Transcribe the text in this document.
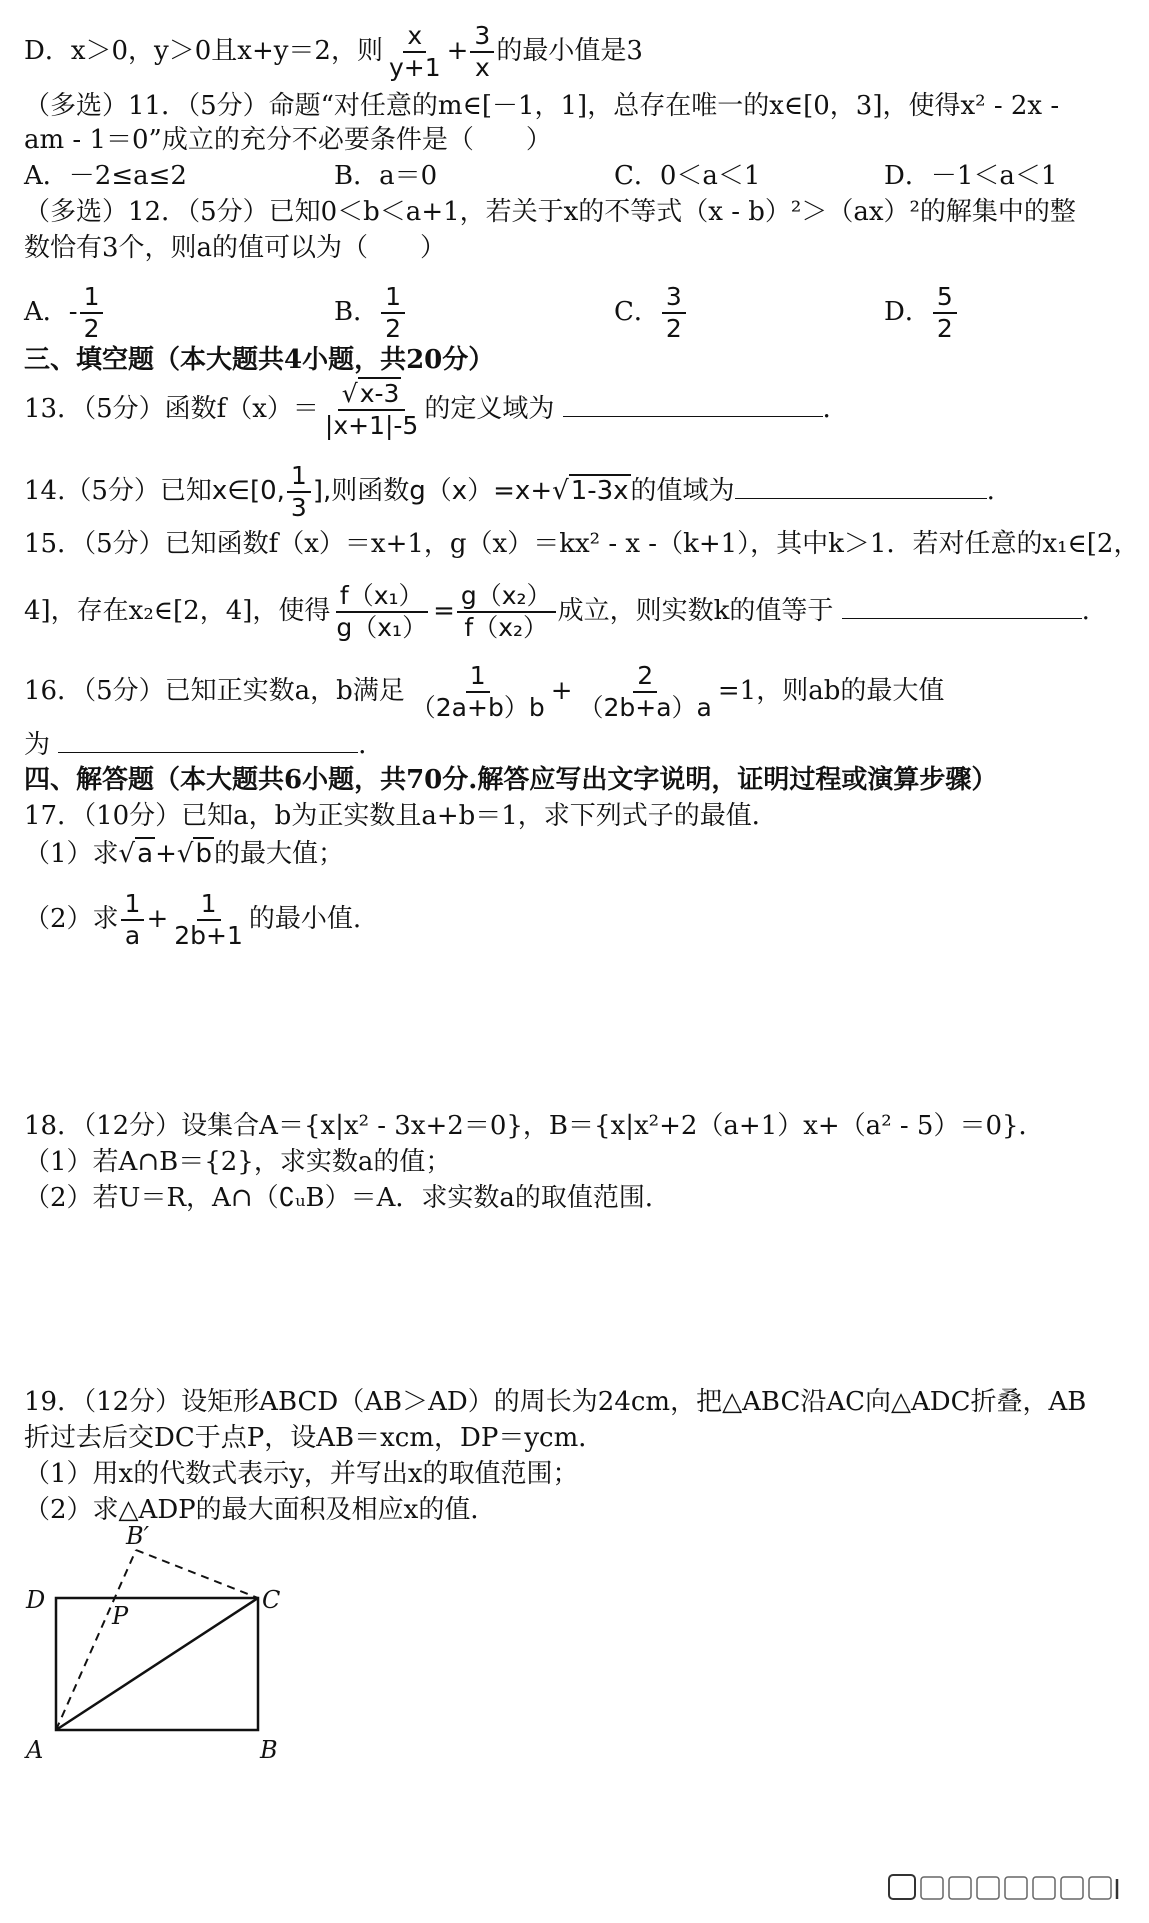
D．x＞0，y＞0且x+y＝2，则 $\frac{x}{y+1} + \frac{3}{x}$ 的最小值是3
（多选）11．（5分）命题“对任意的m∈[－1，1]，总存在唯一的x∈[0，3]，使得x² - 2x -
am - 1＝0”成立的充分不必要条件是（　　）
A．－2≤a≤2	B．a＝0	C．0＜a＜1	D．－1＜a＜1
（多选）12．（5分）已知0＜b＜a+1，若关于x的不等式（x - b）²＞（ax）²的解集中的整
数恰有3个，则a的值可以为（　　）
A．- $\frac{1}{2}$	B． $\frac{1}{2}$	C． $\frac{3}{2}$	D． $\frac{5}{2}$
三、填空题（本大题共4小题，共20分）
13．（5分）函数$f(x)= \frac{√x-3}{|x+1|-5}$ 的定义域为	．
14.（5分）已知x∈[0, $\frac{1}{3}$ ],则函数g（x）=x+√1-3x的值域为	.
15．（5分）已知函数f（x）＝x+1，g（x）＝kx² - x -（k+1），其中k＞1．若对任意的x₁∈[2，
4]，存在x₂∈[2，4]，使得 $\frac{\text{f（x₁）}}{\text{g（x₁）}} = \frac{\text{g（x₂）}}{\text{f（x₂）}}$ 成立，则实数k的值等于	.
16．（5分）已知正实数a，b满足 $\frac{1}{(2a+b)b} + \frac{2}{(2b+a)a} =1$，则ab的最大值
为	．
四、解答题（本大题共6小题，共70分.解答应写出文字说明，证明过程或演算步骤）
17．（10分）已知a，b为正实数且a+b＝1，求下列式子的最值．
（1）求√a+√b的最大值；
（2）求 $\frac{1}{a} + \frac{1}{2b+1}$ 的最小值.
18．（12分）设集合A＝{x|x² - 3x+2＝0}，B＝{x|x²+2（a+1）x+（a² - 5）＝0}．
（1）若A∩B＝{2}，求实数a的值；
（2）若U＝R，A∩（∁ᵤB）＝A．求实数a的取值范围．
19．（12分）设矩形ABCD（AB＞AD）的周长为24cm，把△ABC沿AC向△ADC折叠，AB
折过去后交DC于点P，设AB＝xcm，DP＝ycm．
（1）用x的代数式表示y，并写出x的取值范围；
（2）求△ADP的最大面积及相应x的值．
D	C
A	B
P
B′
